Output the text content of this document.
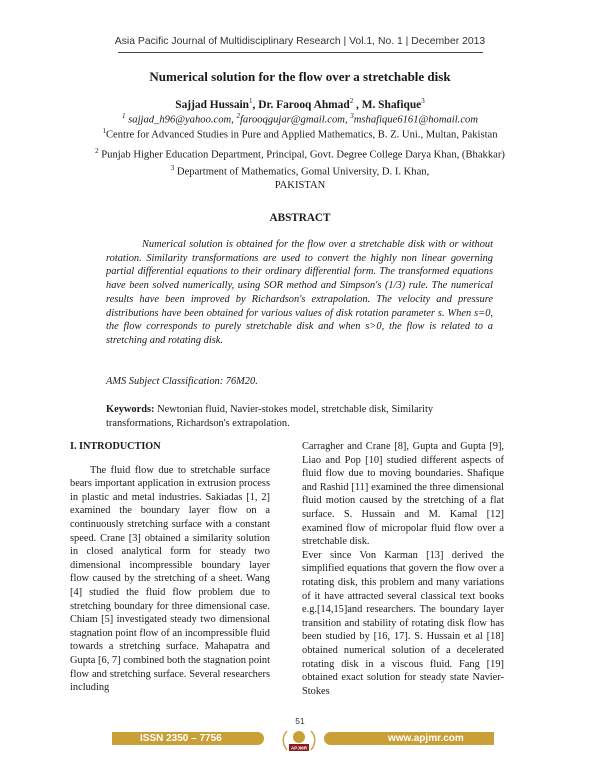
Asia Pacific Journal of Multidisciplinary Research | Vol.1, No. 1 | December 2013
Numerical solution for the flow over a stretchable disk
Sajjad Hussain$^1$, Dr. Farooq Ahmad$^2$ , M. Shafique$^3$
$^1$ sajjad_h96@yahoo.com, $^2$farooqgujar@gmail.com, $^3$mshafique6161@homail.com
$^1$Centre for Advanced Studies in Pure and Applied Mathematics, B. Z. Uni., Multan, Pakistan
$^2$ Punjab Higher Education Department, Principal, Govt. Degree College Darya Khan, (Bhakkar)
$^3$ Department of Mathematics, Gomal University, D. I. Khan,
PAKISTAN
ABSTRACT

Numerical solution is obtained for the flow over a stretchable disk with or without rotation. Similarity transformations are used to convert the highly non linear governing partial differential equations to their ordinary differential form. The transformed equations have been solved numerically, using SOR method and Simpson's (1/3) rule. The numerical results have been improved by Richardson's extrapolation. The velocity and pressure distributions have been obtained for various values of disk rotation parameter s. When s=0, the flow corresponds to purely stretchable disk and when s>0, the flow is related to a stretching and rotating disk.

AMS Subject Classification: 76M20.

Keywords: Newtonian fluid, Navier-stokes model, stretchable disk, Similarity transformations, Richardson's extrapolation.

I. INTRODUCTION

The fluid flow due to stretchable surface bears important application in extrusion process in plastic and metal industries. Sakiadas [1, 2] examined the boundary layer flow on a continuously stretching surface with a constant speed. Crane [3] obtained a similarity solution in closed analytical form for steady two dimensional incompressible boundary layer flow caused by the stretching of a sheet. Wang [4] studied the fluid flow problem due to stretching boundary for three dimensional case. Chiam [5] investigated steady two dimensional stagnation point flow of an incompressible fluid towards a stretching surface. Mahapatra and Gupta [6, 7] combined both the stagnation point flow and stretching surface. Several researchers including

Carragher and Crane [8], Gupta and Gupta [9], Liao and Pop [10] studied different aspects of fluid flow due to moving boundaries. Shafique and Rashid [11] examined the three dimensional fluid motion caused by the stretching of a flat surface. S. Hussain and M. Kamal [12] examined flow of micropolar fluid flow over a stretchable disk.

Ever since Von Karman [13] derived the simplified equations that govern the flow over a rotating disk, this problem and many variations of it have attracted several classical text books e.g.[14,15]and researchers. The boundary layer transition and stability of rotating disk flow has been studied by [16, 17]. S. Hussain et al [18] obtained numerical solution of a decelerated rotating disk in a viscous fluid. Fang [19] obtained exact solution for steady state Navier-Stokes

ISSN 2350 – 7756
51
APJMR
www.apjmr.com
